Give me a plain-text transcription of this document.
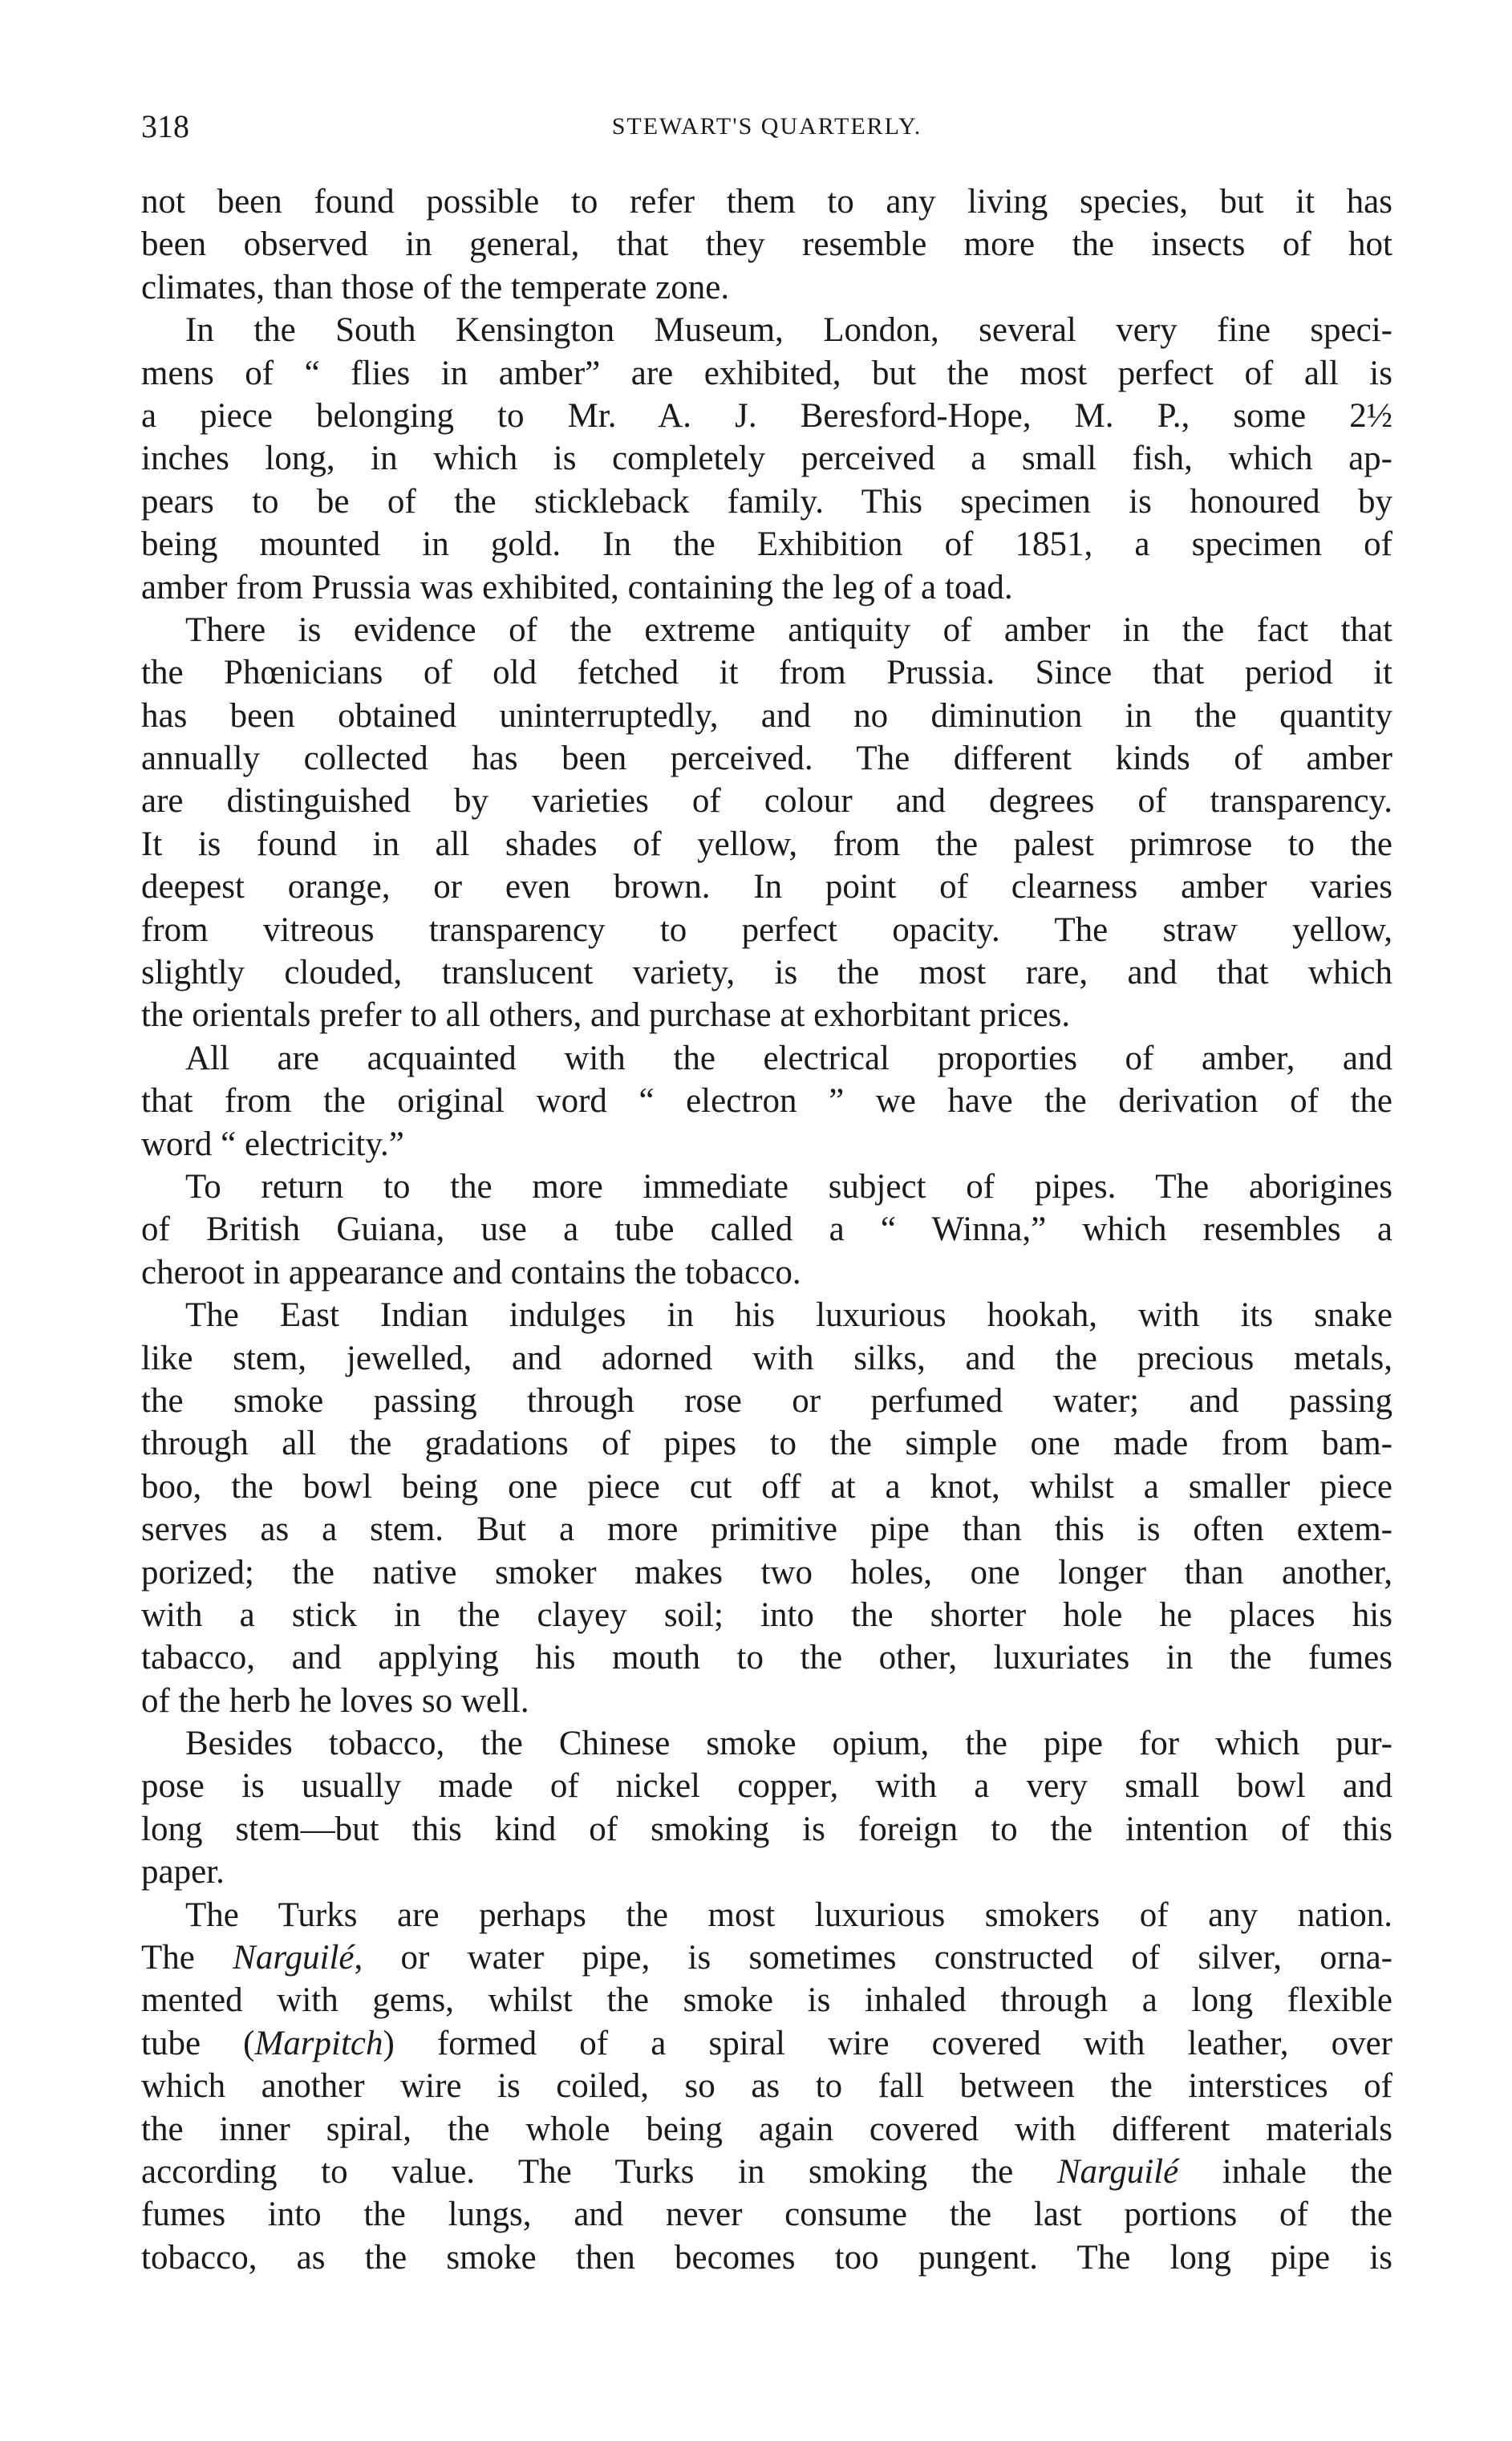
318	STEWART'S QUARTERLY.
not been found possible to refer them to any living species, but it has
been observed in general, that they resemble more the insects of hot
climates, than those of the temperate zone.
In the South Kensington Museum, London, several very fine speci-
mens of “ flies in amber” are exhibited, but the most perfect of all is
a piece belonging to Mr. A. J. Beresford-Hope, M. P., some 2½
inches long, in which is completely perceived a small fish, which ap-
pears to be of the stickleback family. This specimen is honoured by
being mounted in gold. In the Exhibition of 1851, a specimen of
amber from Prussia was exhibited, containing the leg of a toad.
There is evidence of the extreme antiquity of amber in the fact that
the Phœnicians of old fetched it from Prussia. Since that period it
has been obtained uninterruptedly, and no diminution in the quantity
annually collected has been perceived. The different kinds of amber
are distinguished by varieties of colour and degrees of transparency.
It is found in all shades of yellow, from the palest primrose to the
deepest orange, or even brown. In point of clearness amber varies
from vitreous transparency to perfect opacity. The straw yellow,
slightly clouded, translucent variety, is the most rare, and that which
the orientals prefer to all others, and purchase at exhorbitant prices.
All are acquainted with the electrical proporties of amber, and
that from the original word “ electron ” we have the derivation of the
word “ electricity.”
To return to the more immediate subject of pipes. The aborigines
of British Guiana, use a tube called a “ Winna,” which resembles a
cheroot in appearance and contains the tobacco.
The East Indian indulges in his luxurious hookah, with its snake
like stem, jewelled, and adorned with silks, and the precious metals,
the smoke passing through rose or perfumed water; and passing
through all the gradations of pipes to the simple one made from bam-
boo, the bowl being one piece cut off at a knot, whilst a smaller piece
serves as a stem. But a more primitive pipe than this is often extem-
porized; the native smoker makes two holes, one longer than another,
with a stick in the clayey soil; into the shorter hole he places his
tabacco, and applying his mouth to the other, luxuriates in the fumes
of the herb he loves so well.
Besides tobacco, the Chinese smoke opium, the pipe for which pur-
pose is usually made of nickel copper, with a very small bowl and
long stem—but this kind of smoking is foreign to the intention of this
paper.
The Turks are perhaps the most luxurious smokers of any nation.
The Narguilé, or water pipe, is sometimes constructed of silver, orna-
mented with gems, whilst the smoke is inhaled through a long flexible
tube (Marpitch) formed of a spiral wire covered with leather, over
which another wire is coiled, so as to fall between the interstices of
the inner spiral, the whole being again covered with different materials
according to value. The Turks in smoking the Narguilé inhale the
fumes into the lungs, and never consume the last portions of the
tobacco, as the smoke then becomes too pungent. The long pipe is
